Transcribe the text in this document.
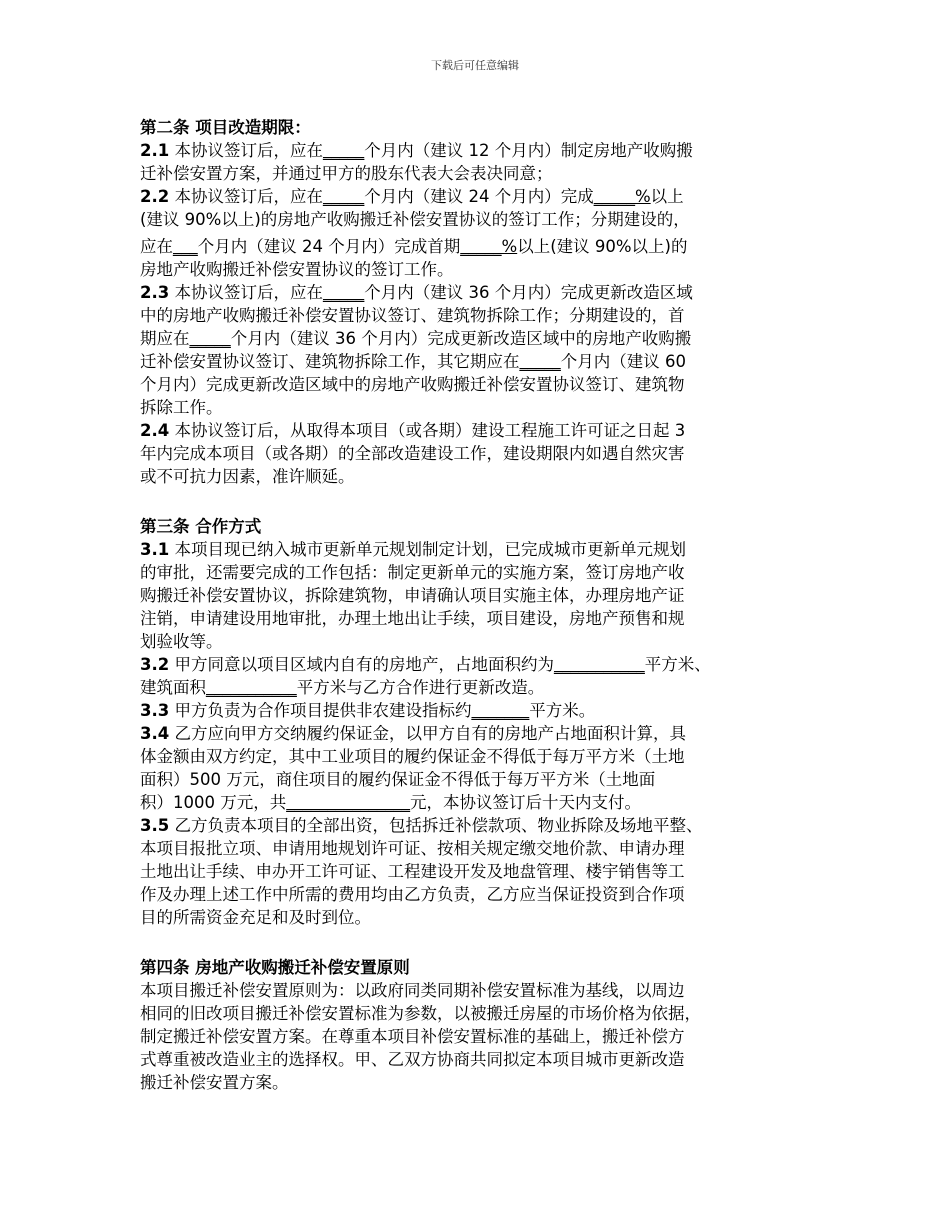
下载后可任意编辑
第二条 项目改造期限：
2.1 本协议签订后，应在_____个月内（建议 12 个月内）制定房地产收购搬
迁补偿安置方案，并通过甲方的股东代表大会表决同意；
2.2 本协议签订后，应在_____个月内（建议 24 个月内）完成_____%以上
(建议 90%以上)的房地产收购搬迁补偿安置协议的签订工作；分期建设的，
应在___个月内（建议 24 个月内）完成首期_____%以上(建议 90%以上)的
房地产收购搬迁补偿安置协议的签订工作。
2.3 本协议签订后，应在_____个月内（建议 36 个月内）完成更新改造区域
中的房地产收购搬迁补偿安置协议签订、建筑物拆除工作；分期建设的，首
期应在_____个月内（建议 36 个月内）完成更新改造区域中的房地产收购搬
迁补偿安置协议签订、建筑物拆除工作，其它期应在_____个月内（建议 60
个月内）完成更新改造区域中的房地产收购搬迁补偿安置协议签订、建筑物
拆除工作。
2.4 本协议签订后，从取得本项目（或各期）建设工程施工许可证之日起 3
年内完成本项目（或各期）的全部改造建设工作，建设期限内如遇自然灾害
或不可抗力因素，准许顺延。
第三条 合作方式
3.1 本项目现已纳入城市更新单元规划制定计划，已完成城市更新单元规划
的审批，还需要完成的工作包括：制定更新单元的实施方案，签订房地产收
购搬迁补偿安置协议，拆除建筑物，申请确认项目实施主体，办理房地产证
注销，申请建设用地审批，办理土地出让手续，项目建设，房地产预售和规
划验收等。
3.2 甲方同意以项目区域内自有的房地产，占地面积约为___________平方米、
建筑面积___________平方米与乙方合作进行更新改造。
3.3 甲方负责为合作项目提供非农建设指标约_______平方米。
3.4 乙方应向甲方交纳履约保证金，以甲方自有的房地产占地面积计算，具
体金额由双方约定，其中工业项目的履约保证金不得低于每万平方米（土地
面积）500 万元，商住项目的履约保证金不得低于每万平方米（土地面
积）1000 万元，共_______________元，本协议签订后十天内支付。
3.5 乙方负责本项目的全部出资，包括拆迁补偿款项、物业拆除及场地平整、
本项目报批立项、申请用地规划许可证、按相关规定缴交地价款、申请办理
土地出让手续、申办开工许可证、工程建设开发及地盘管理、楼宇销售等工
作及办理上述工作中所需的费用均由乙方负责，乙方应当保证投资到合作项
目的所需资金充足和及时到位。
第四条 房地产收购搬迁补偿安置原则
本项目搬迁补偿安置原则为：以政府同类同期补偿安置标准为基线，以周边
相同的旧改项目搬迁补偿安置标准为参数，以被搬迁房屋的市场价格为依据，
制定搬迁补偿安置方案。在尊重本项目补偿安置标准的基础上，搬迁补偿方
式尊重被改造业主的选择权。甲、乙双方协商共同拟定本项目城市更新改造
搬迁补偿安置方案。
